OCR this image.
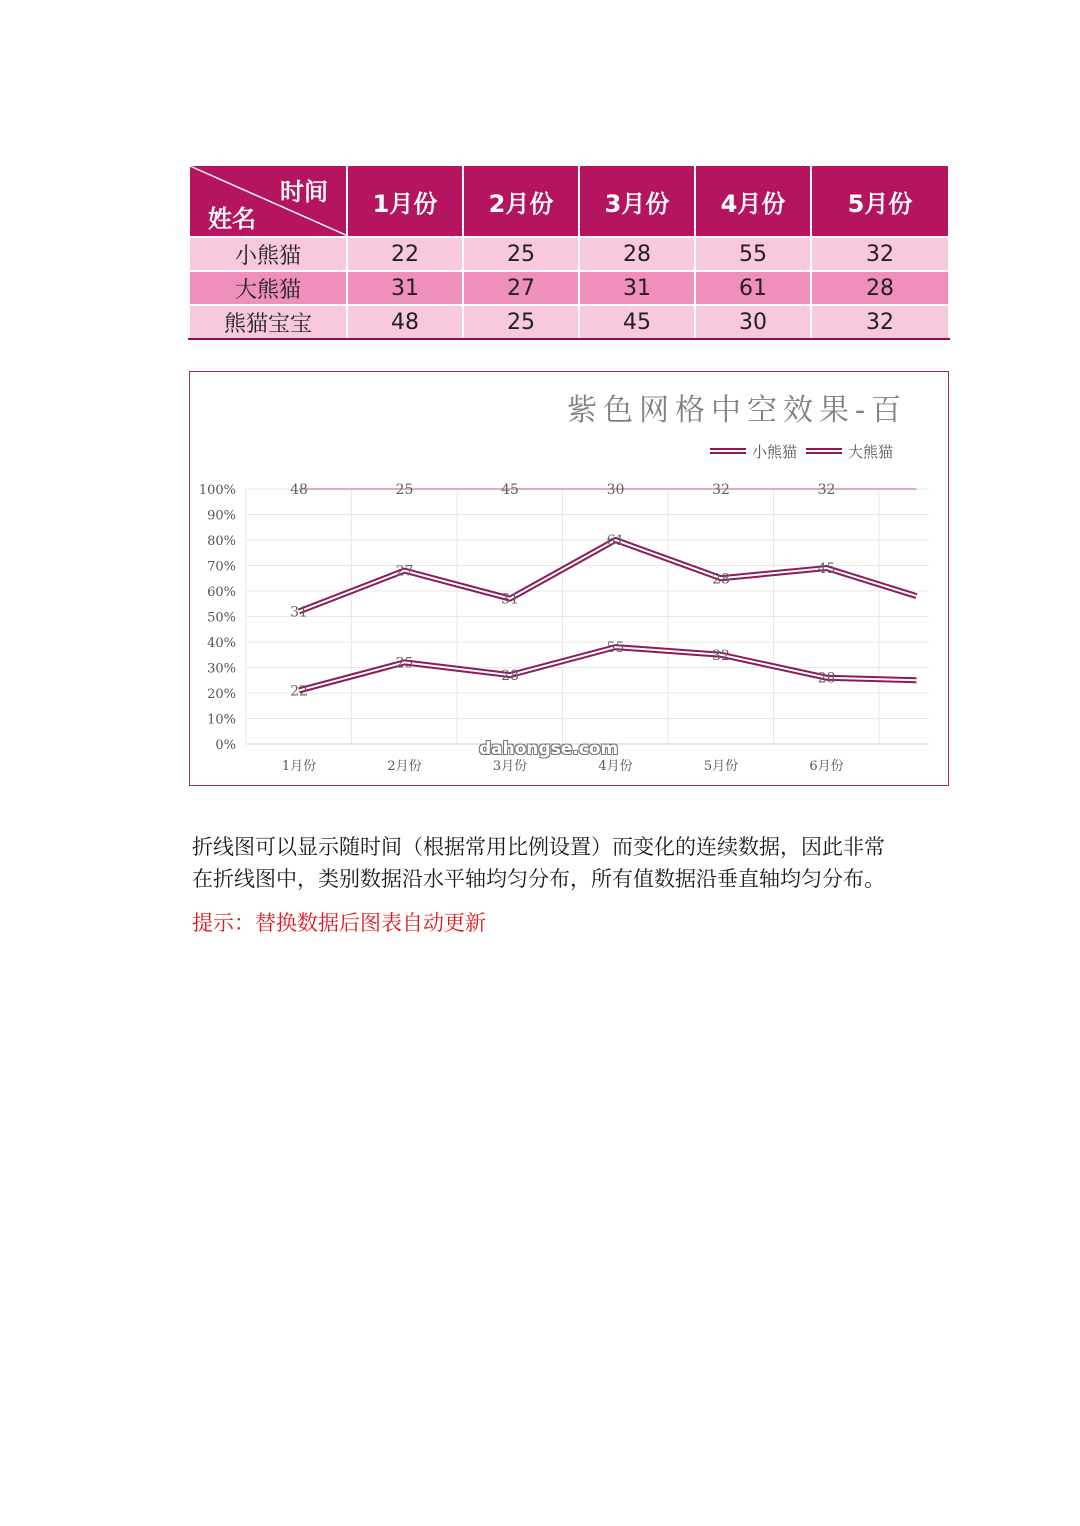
时间
姓名	1月份	2月份	3月份	4月份	5月份
小熊猫	22	25	28	55	32
大熊猫	31	27	31	61	28
熊猫宝宝	48	25	45	30	32
紫色网格中空效果-百
0%
10%
20%
30%
40%
50%
60%
70%
80%
90%
100%
1月份	2月份	3月份	4月份	5月份	6月份
22
25
28
55	32
28
31
27
31
61
28
45
48	25	45	30	32	32
小熊猫	大熊猫
dahongse.com
折线图可以显示随时间（根据常用比例设置）而变化的连续数据，因此非常
在折线图中，类别数据沿水平轴均匀分布，所有值数据沿垂直轴均匀分布。
提示：替换数据后图表自动更新
